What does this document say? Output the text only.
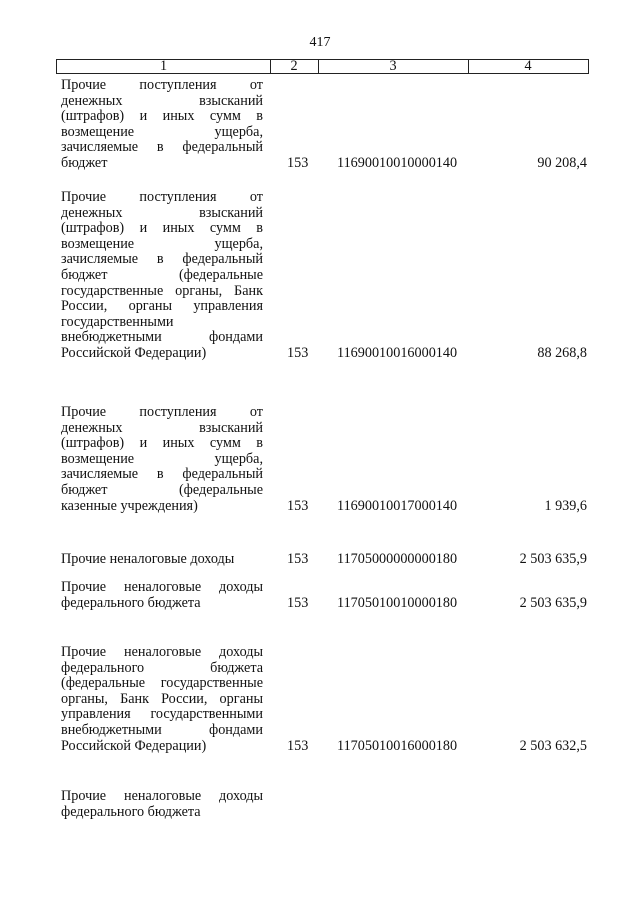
417
1	2	3	4
Прочие поступления от
денежных взысканий
(штрафов) и иных сумм в
возмещение ущерба,
зачисляемые в федеральный
бюджет	153 11690010010000140	90 208,4
Прочие поступления от
денежных взысканий
(штрафов) и иных сумм в
возмещение ущерба,
зачисляемые в федеральный
бюджет (федеральные
государственные органы, Банк
России, органы управления
государственными
внебюджетными фондами
Российской Федерации)	153 11690010016000140	88 268,8
Прочие поступления от
денежных взысканий
(штрафов) и иных сумм в
возмещение ущерба,
зачисляемые в федеральный
бюджет (федеральные
казенные учреждения)	153 11690010017000140	1 939,6
Прочие неналоговые доходы	153 11705000000000180	2 503 635,9
Прочие неналоговые доходы
федерального бюджета	153 11705010010000180	2 503 635,9
Прочие неналоговые доходы
федерального бюджета
(федеральные государственные
органы, Банк России, органы
управления государственными
внебюджетными фондами
Российской Федерации)	153 11705010016000180	2 503 632,5
Прочие неналоговые доходы
федерального бюджета
